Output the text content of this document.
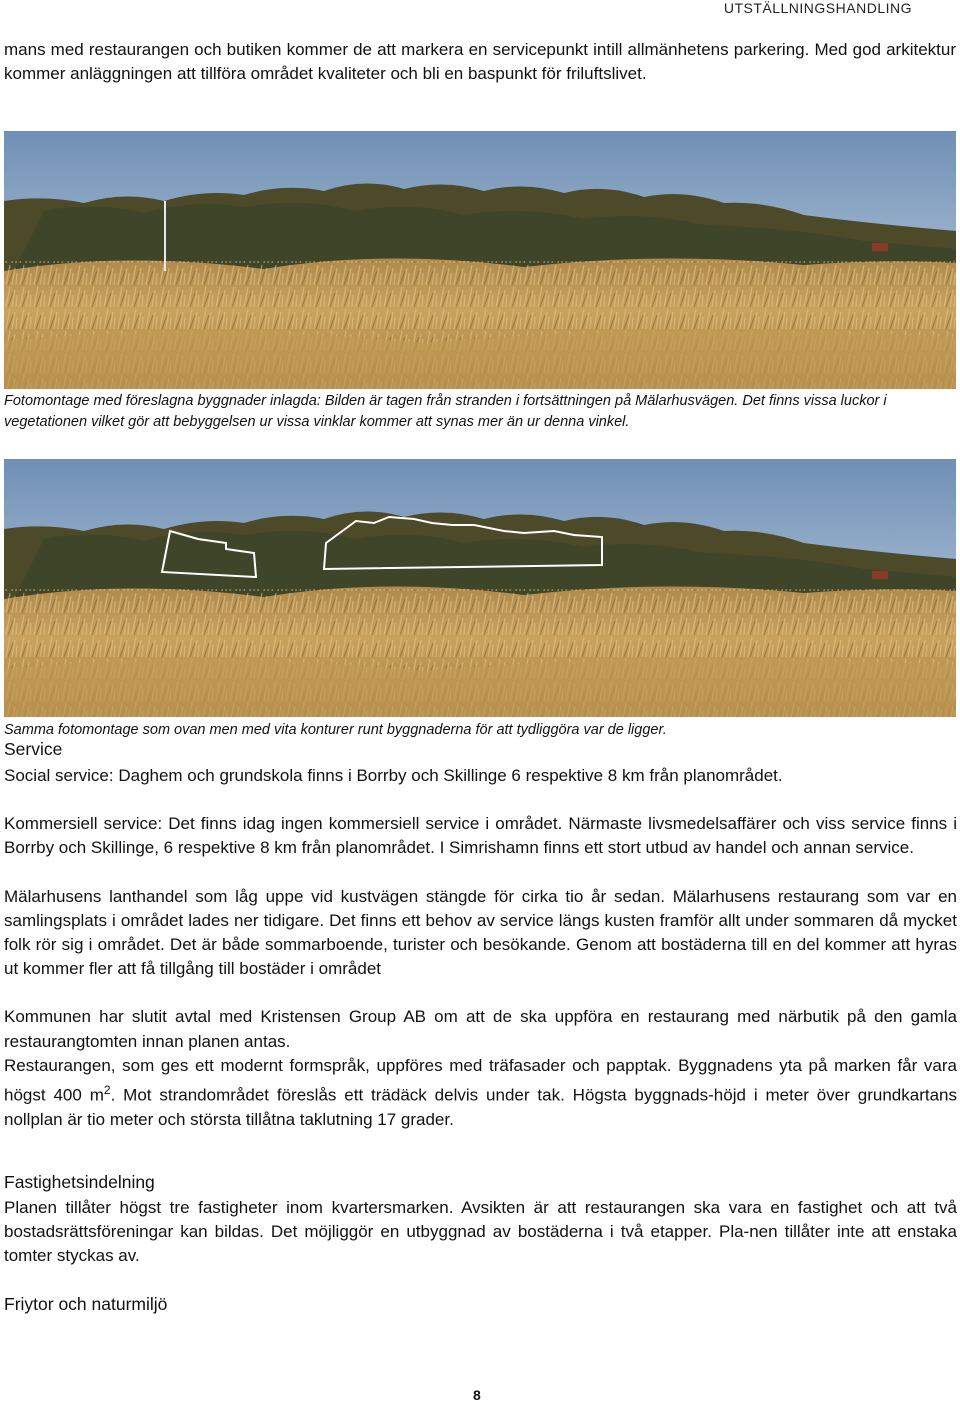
UTSTÄLLNINGSHANDLING

mans med restaurangen och butiken kommer de att markera en servicepunkt intill allmänhetens parkering. Med god arkitektur kommer anläggningen att tillföra området kvaliteter och bli en baspunkt för friluftslivet.

Fotomontage med föreslagna byggnader inlagda: Bilden är tagen från stranden i fortsättningen på Mälarhusvägen. Det finns vissa luckor i vegetationen vilket gör att bebyggelsen ur vissa vinklar kommer att synas mer än ur denna vinkel.

Samma fotomontage som ovan men med vita konturer runt byggnaderna för att tydliggöra var de ligger.

Service

Social service: Daghem och grundskola finns i Borrby och Skillinge 6 respektive 8 km från planområdet.

Kommersiell service: Det finns idag ingen kommersiell service i området. Närmaste livsmedelsaffärer och viss service finns i Borrby och Skillinge, 6 respektive 8 km från planområdet. I Simrishamn finns ett stort utbud av handel och annan service.

Mälarhusens lanthandel som låg uppe vid kustvägen stängde för cirka tio år sedan. Mälarhusens restaurang som var en samlingsplats i området lades ner tidigare. Det finns ett behov av service längs kusten framför allt under sommaren då mycket folk rör sig i området. Det är både sommarboende, turister och besökande. Genom att bostäderna till en del kommer att hyras ut kommer fler att få tillgång till bostäder i området

Kommunen har slutit avtal med Kristensen Group AB om att de ska uppföra en restaurang med närbutik på den gamla restaurangtomten innan planen antas.

Restaurangen, som ges ett modernt formspråk, uppföres med träfasader och papptak. Byggnadens yta på marken får vara högst 400 $m^2$. Mot strandområdet föreslås ett trädäck delvis under tak. Högsta byggnads-höjd i meter över grundkartans nollplan är tio meter och största tillåtna taklutning 17 grader.

Fastighetsindelning

Planen tillåter högst tre fastigheter inom kvartersmarken. Avsikten är att restaurangen ska vara en fastighet och att två bostadsrättsföreningar kan bildas. Det möjliggör en utbyggnad av bostäderna i två etapper. Pla-nen tillåter inte att enstaka tomter styckas av.

Friytor och naturmiljö
8
